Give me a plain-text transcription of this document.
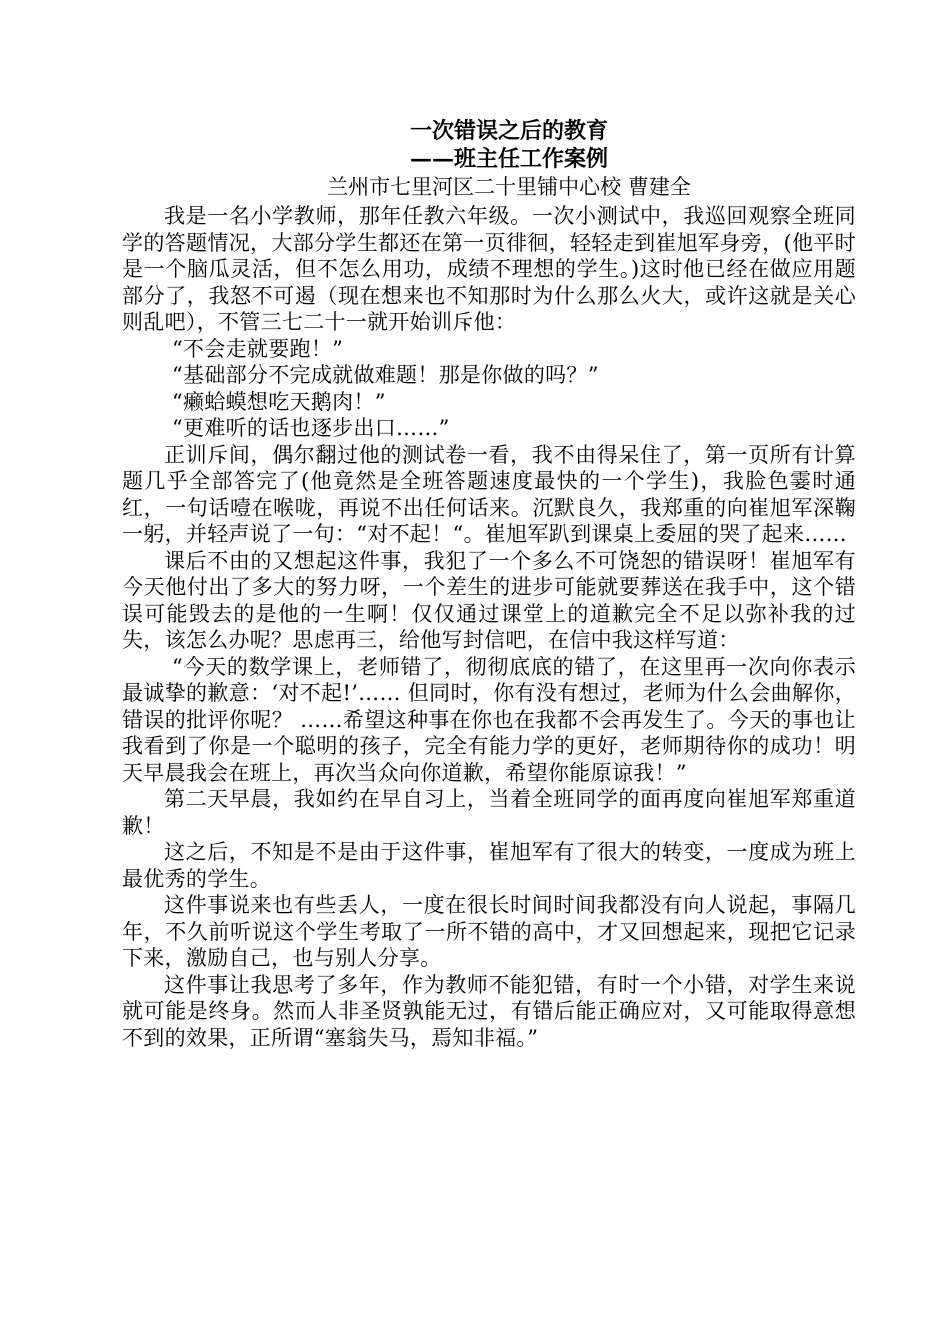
一次错误之后的教育

——班主任工作案例

兰州市七里河区二十里铺中心校 曹建全

我是一名小学教师，那年任教六年级。一次小测试中，我巡回观察全班同学的答题情况，大部分学生都还在第一页徘徊，轻轻走到崔旭军身旁，(他平时是一个脑瓜灵活，但不怎么用功，成绩不理想的学生。)这时他已经在做应用题部分了，我怒不可遏（现在想来也不知那时为什么那么火大，或许这就是关心则乱吧），不管三七二十一就开始训斥他：

“不会走就要跑！”

“基础部分不完成就做难题！那是你做的吗？”

“癞蛤蟆想吃天鹅肉！”

“更难听的话也逐步出口……”

正训斥间，偶尔翻过他的测试卷一看，我不由得呆住了，第一页所有计算题几乎全部答完了(他竟然是全班答题速度最快的一个学生)，我脸色霎时通红，一句话噎在喉咙，再说不出任何话来。沉默良久，我郑重的向崔旭军深鞠一躬，并轻声说了一句：“对不起！“。崔旭军趴到课桌上委屈的哭了起来……

课后不由的又想起这件事，我犯了一个多么不可饶恕的错误呀！崔旭军有今天他付出了多大的努力呀，一个差生的进步可能就要葬送在我手中，这个错误可能毁去的是他的一生啊！仅仅通过课堂上的道歉完全不足以弥补我的过失，该怎么办呢？思虑再三，给他写封信吧，在信中我这样写道：

“今天的数学课上，老师错了，彻彻底底的错了，在这里再一次向你表示最诚挚的歉意：‘对不起!’…… 但同时，你有没有想过，老师为什么会曲解你，错误的批评你呢？ ……希望这种事在你也在我都不会再发生了。今天的事也让我看到了你是一个聪明的孩子，完全有能力学的更好，老师期待你的成功！明天早晨我会在班上，再次当众向你道歉，希望你能原谅我！”

第二天早晨，我如约在早自习上，当着全班同学的面再度向崔旭军郑重道歉！

这之后，不知是不是由于这件事，崔旭军有了很大的转变，一度成为班上最优秀的学生。

这件事说来也有些丢人，一度在很长时间时间我都没有向人说起，事隔几年，不久前听说这个学生考取了一所不错的高中，才又回想起来，现把它记录下来，激励自己，也与别人分享。

这件事让我思考了多年，作为教师不能犯错，有时一个小错，对学生来说就可能是终身。然而人非圣贤孰能无过，有错后能正确应对，又可能取得意想不到的效果，正所谓“塞翁失马，焉知非福。”
